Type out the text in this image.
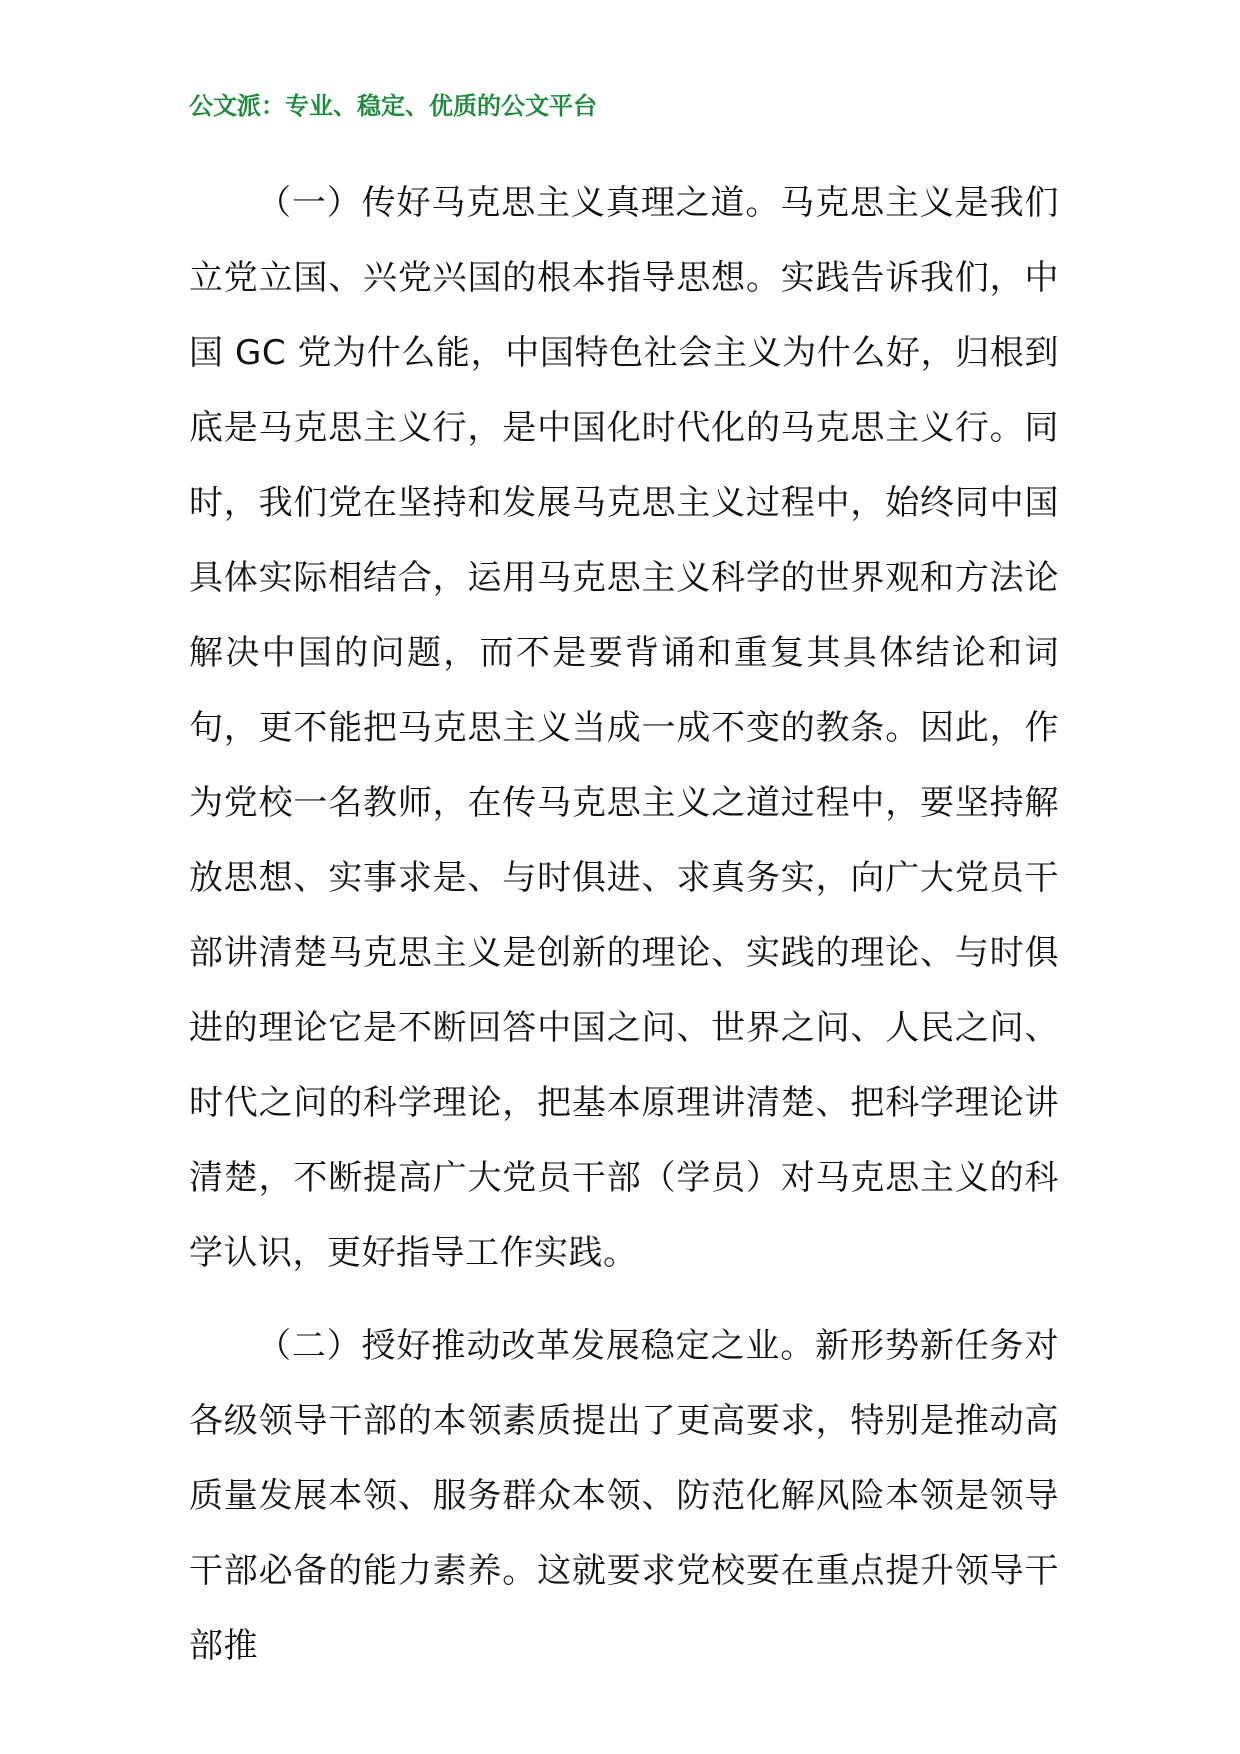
公文派：专业、稳定、优质的公文平台

（一）传好马克思主义真理之道。马克思主义是我们立党立国、兴党兴国的根本指导思想。实践告诉我们，中国 GC 党为什么能，中国特色社会主义为什么好，归根到底是马克思主义行，是中国化时代化的马克思主义行。同时，我们党在坚持和发展马克思主义过程中，始终同中国具体实际相结合，运用马克思主义科学的世界观和方法论解决中国的问题，而不是要背诵和重复其具体结论和词句，更不能把马克思主义当成一成不变的教条。因此，作为党校一名教师，在传马克思主义之道过程中，要坚持解放思想、实事求是、与时俱进、求真务实，向广大党员干部讲清楚马克思主义是创新的理论、实践的理论、与时俱进的理论它是不断回答中国之问、世界之问、人民之问、时代之问的科学理论，把基本原理讲清楚、把科学理论讲清楚，不断提高广大党员干部（学员）对马克思主义的科学认识，更好指导工作实践。

（二）授好推动改革发展稳定之业。新形势新任务对各级领导干部的本领素质提出了更高要求，特别是推动高质量发展本领、服务群众本领、防范化解风险本领是领导干部必备的能力素养。这就要求党校要在重点提升领导干部推
